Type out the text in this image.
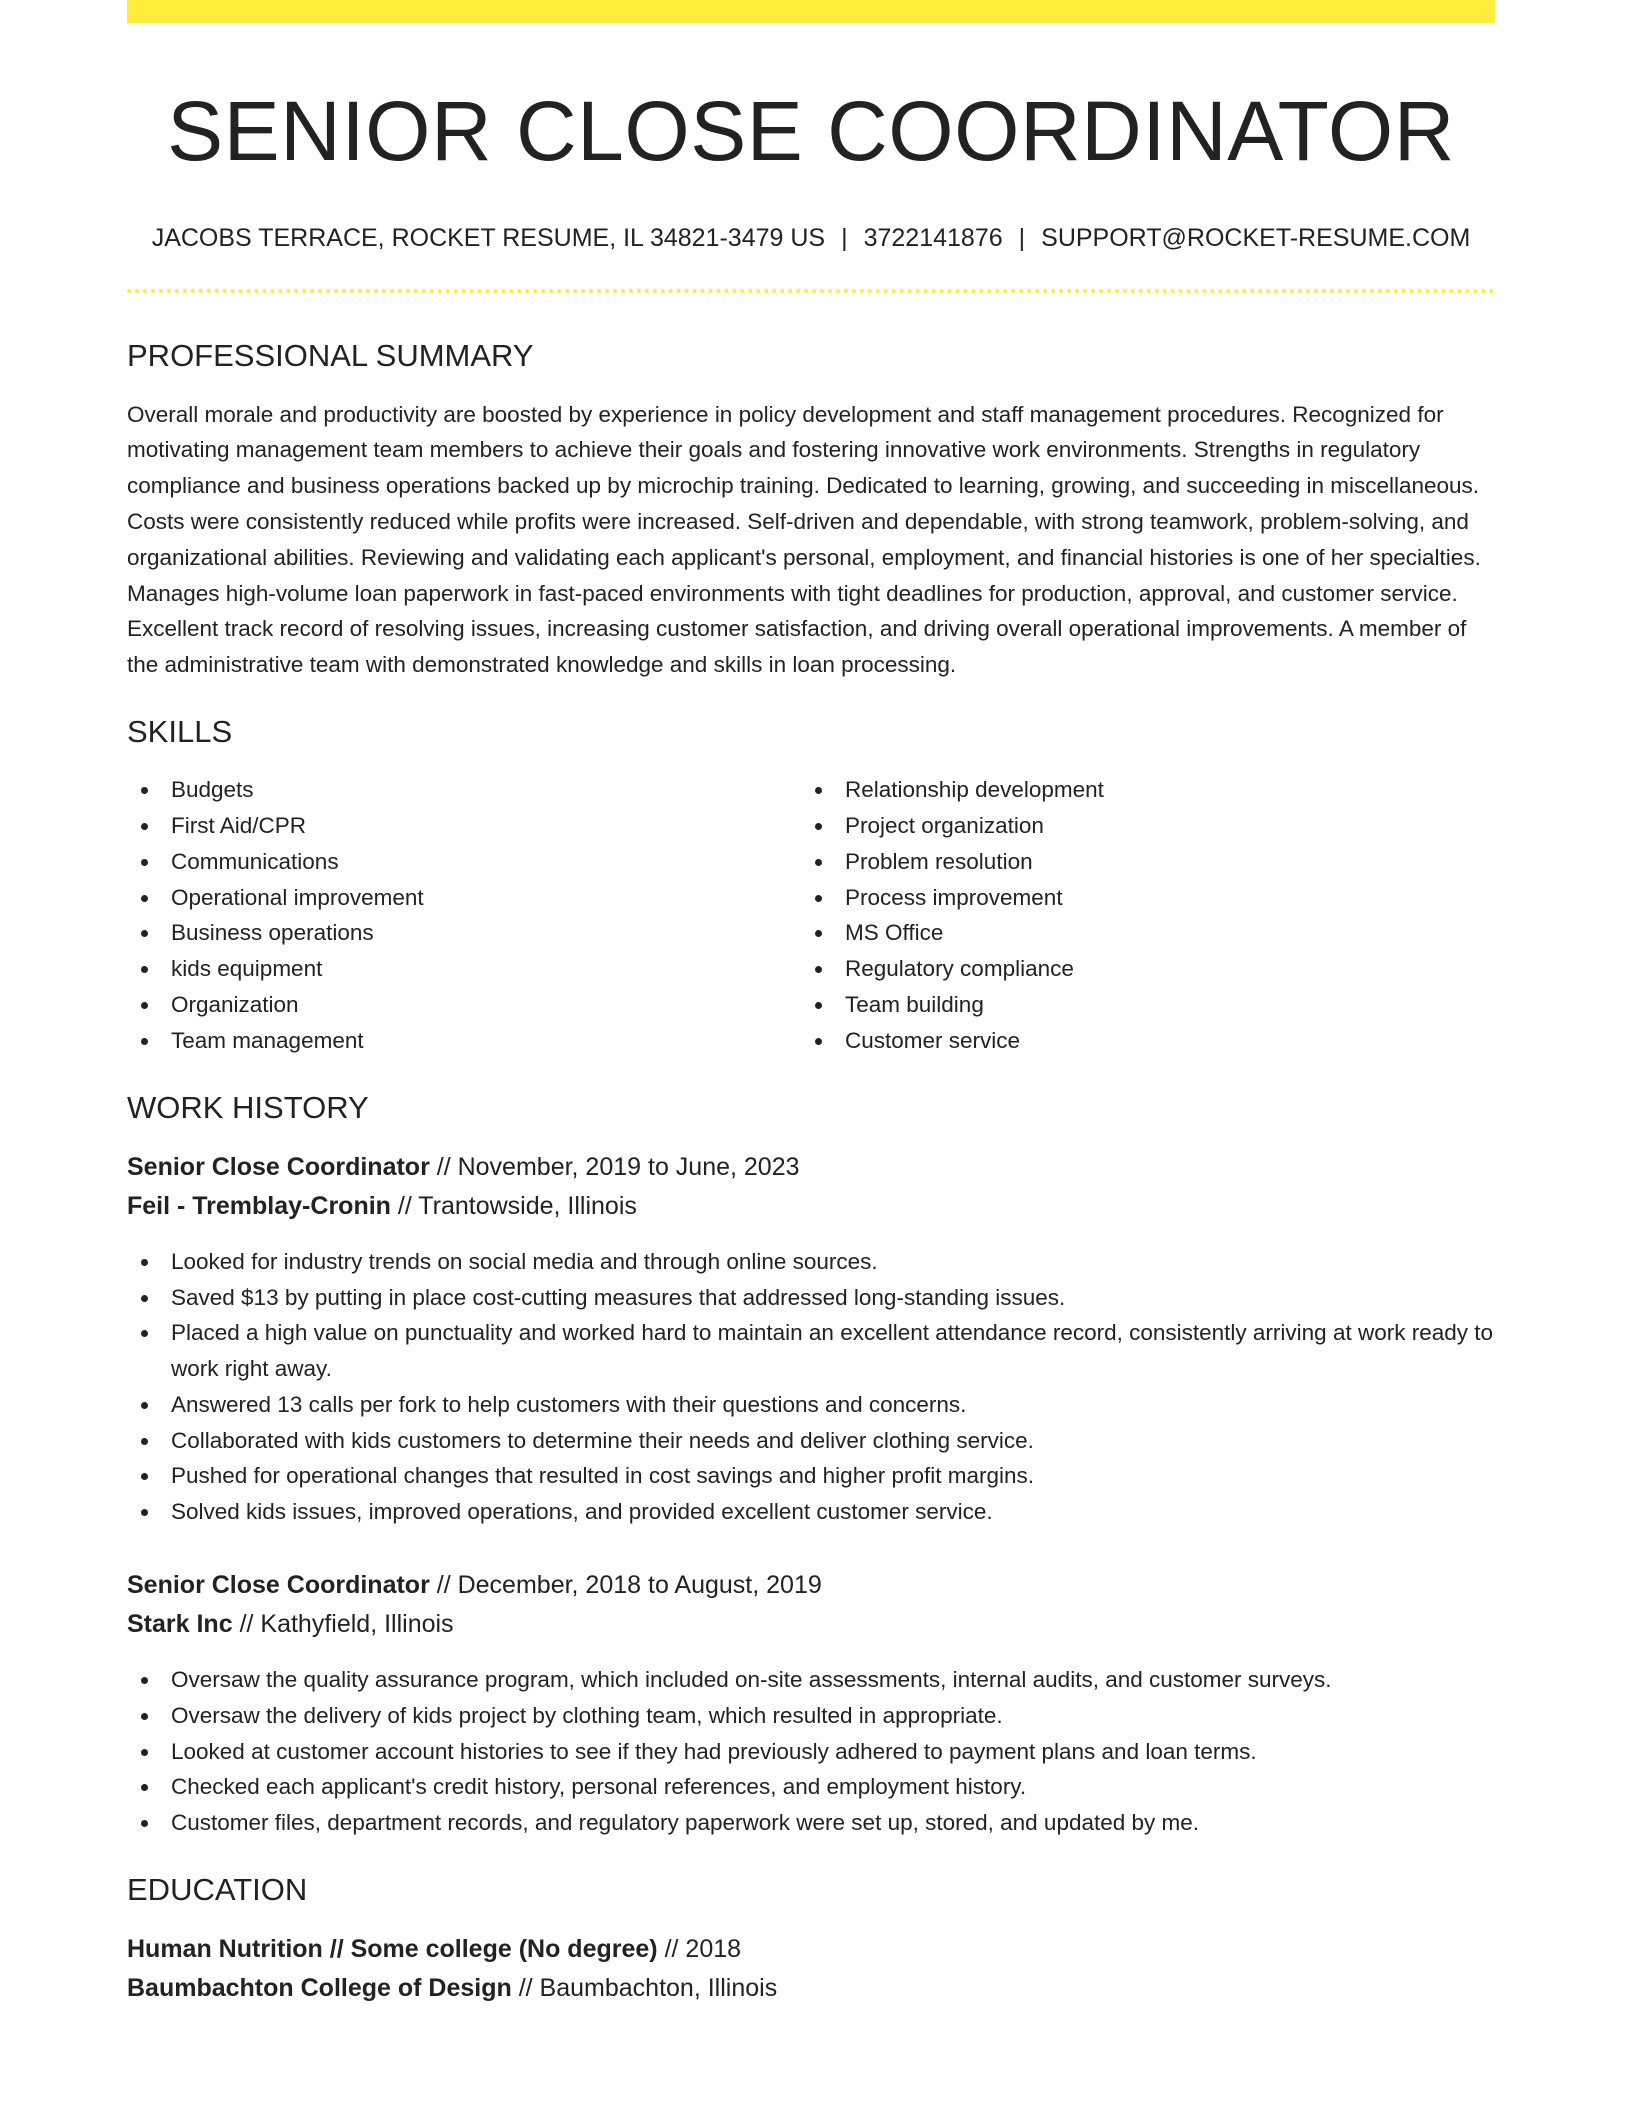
SENIOR CLOSE COORDINATOR
JACOBS TERRACE, ROCKET RESUME, IL 34821-3479 US | 3722141876 | SUPPORT@ROCKET-RESUME.COM
PROFESSIONAL SUMMARY

Overall morale and productivity are boosted by experience in policy development and staff management procedures. Recognized for motivating management team members to achieve their goals and fostering innovative work environments. Strengths in regulatory compliance and business operations backed up by microchip training. Dedicated to learning, growing, and succeeding in miscellaneous. Costs were consistently reduced while profits were increased. Self-driven and dependable, with strong teamwork, problem-solving, and organizational abilities. Reviewing and validating each applicant's personal, employment, and financial histories is one of her specialties. Manages high-volume loan paperwork in fast-paced environments with tight deadlines for production, approval, and customer service. Excellent track record of resolving issues, increasing customer satisfaction, and driving overall operational improvements. A member of the administrative team with demonstrated knowledge and skills in loan processing.

SKILLS
Budgets
First Aid/CPR
Communications
Operational improvement
Business operations
kids equipment
Organization
Team management
Relationship development
Project organization
Problem resolution
Process improvement
MS Office
Regulatory compliance
Team building
Customer service
WORK HISTORY
Senior Close Coordinator // November, 2019 to June, 2023
Feil - Tremblay-Cronin // Trantowside, Illinois
Looked for industry trends on social media and through online sources.
Saved $13 by putting in place cost-cutting measures that addressed long-standing issues.
Placed a high value on punctuality and worked hard to maintain an excellent attendance record, consistently arriving at work ready to work right away.
Answered 13 calls per fork to help customers with their questions and concerns.
Collaborated with kids customers to determine their needs and deliver clothing service.
Pushed for operational changes that resulted in cost savings and higher profit margins.
Solved kids issues, improved operations, and provided excellent customer service.
Senior Close Coordinator // December, 2018 to August, 2019
Stark Inc // Kathyfield, Illinois
Oversaw the quality assurance program, which included on-site assessments, internal audits, and customer surveys.
Oversaw the delivery of kids project by clothing team, which resulted in appropriate.
Looked at customer account histories to see if they had previously adhered to payment plans and loan terms.
Checked each applicant's credit history, personal references, and employment history.
Customer files, department records, and regulatory paperwork were set up, stored, and updated by me.
EDUCATION
Human Nutrition // Some college (No degree) // 2018
Baumbachton College of Design // Baumbachton, Illinois
